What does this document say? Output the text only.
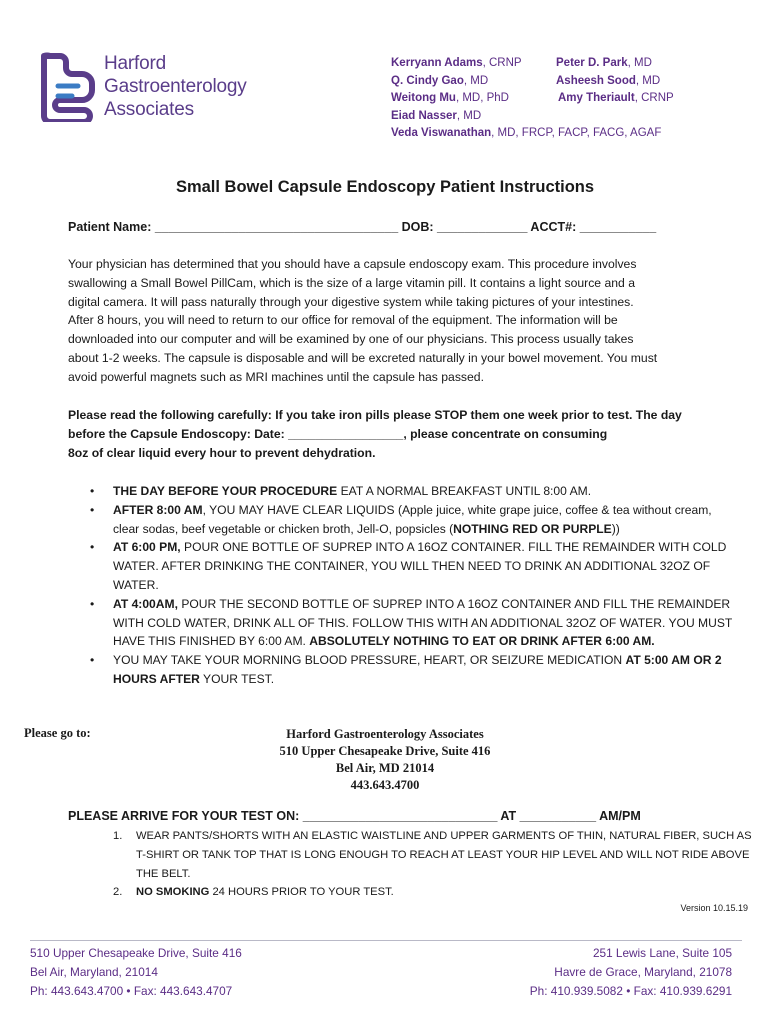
Harford
Gastroenterology
Associates
Kerryann Adams, CRNP
Q. Cindy Gao, MD
Weitong Mu, MD, PhD
Eiad Nasser, MD
Veda Viswanathan, MD, FRCP, FACP, FACG, AGAF
Peter D. Park, MD
Asheesh Sood, MD
Amy Theriault, CRNP
Small Bowel Capsule Endoscopy Patient Instructions
Patient Name: ___________________________________ DOB: _____________ ACCT#: ___________
Your physician has determined that you should have a capsule endoscopy exam. This procedure involves
swallowing a Small Bowel PillCam, which is the size of a large vitamin pill. It contains a light source and a
digital camera. It will pass naturally through your digestive system while taking pictures of your intestines.
After 8 hours, you will need to return to our office for removal of the equipment. The information will be
downloaded into our computer and will be examined by one of our physicians. This process usually takes
about 1-2 weeks. The capsule is disposable and will be excreted naturally in your bowel movement. You must
avoid powerful magnets such as MRI machines until the capsule has passed.
Please read the following carefully: If you take iron pills please STOP them one week prior to test. The day
before the Capsule Endoscopy: Date: _________________, please concentrate on consuming
8oz of clear liquid every hour to prevent dehydration.
• THE DAY BEFORE YOUR PROCEDURE EAT A NORMAL BREAKFAST UNTIL 8:00 AM.
• AFTER 8:00 AM, YOU MAY HAVE CLEAR LIQUIDS (Apple juice, white grape juice, coffee & tea without cream, clear sodas, beef vegetable or chicken broth, Jell-O, popsicles (NOTHING RED OR PURPLE))
• AT 6:00 PM, POUR ONE BOTTLE OF SUPREP INTO A 16OZ CONTAINER. FILL THE REMAINDER WITH COLD WATER. AFTER DRINKING THE CONTAINER, YOU WILL THEN NEED TO DRINK AN ADDITIONAL 32OZ OF WATER.
• AT 4:00AM, POUR THE SECOND BOTTLE OF SUPREP INTO A 16OZ CONTAINER AND FILL THE REMAINDER WITH COLD WATER, DRINK ALL OF THIS. FOLLOW THIS WITH AN ADDITIONAL 32OZ OF WATER. YOU MUST HAVE THIS FINISHED BY 6:00 AM. ABSOLUTELY NOTHING TO EAT OR DRINK AFTER 6:00 AM.
• YOU MAY TAKE YOUR MORNING BLOOD PRESSURE, HEART, OR SEIZURE MEDICATION AT 5:00 AM OR 2 HOURS AFTER YOUR TEST.
Please go to:	Harford Gastroenterology Associates
510 Upper Chesapeake Drive, Suite 416
Bel Air, MD 21014
443.643.4700
PLEASE ARRIVE FOR YOUR TEST ON: ____________________________ AT ___________ AM/PM
1. WEAR PANTS/SHORTS WITH AN ELASTIC WAISTLINE AND UPPER GARMENTS OF THIN, NATURAL FIBER, SUCH AS T-SHIRT OR TANK TOP THAT IS LONG ENOUGH TO REACH AT LEAST YOUR HIP LEVEL AND WILL NOT RIDE ABOVE THE BELT.
2. NO SMOKING 24 HOURS PRIOR TO YOUR TEST.
Version 10.15.19
510 Upper Chesapeake Drive, Suite 416
Bel Air, Maryland, 21014
Ph: 443.643.4700 • Fax: 443.643.4707
251 Lewis Lane, Suite 105
Havre de Grace, Maryland, 21078
Ph: 410.939.5082 • Fax: 410.939.6291
